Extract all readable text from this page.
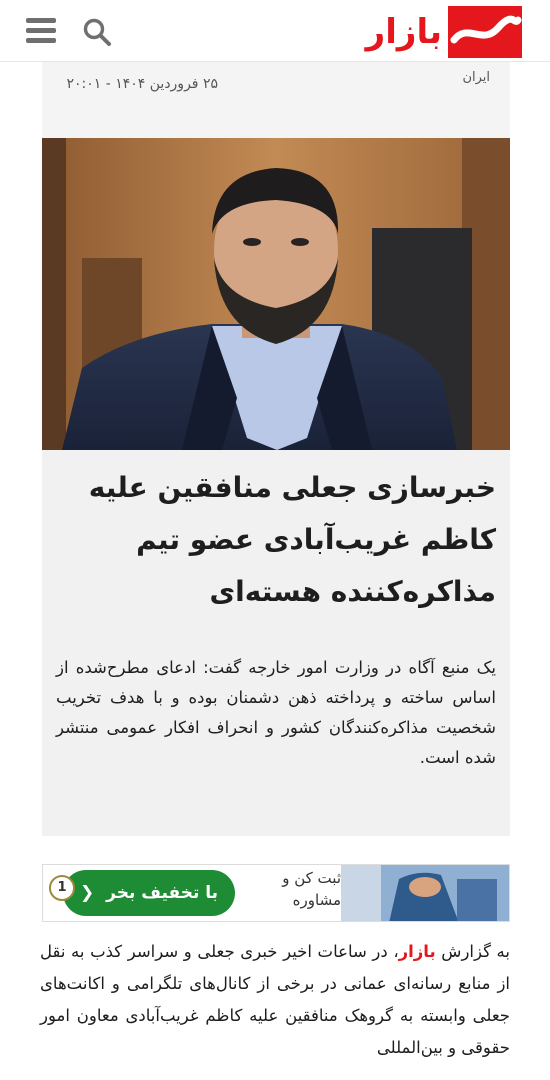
بازار
ایران
۲۵ فروردین ۱۴۰۴ - ۲۰:۰۱
خبرسازی جعلی منافقین علیه کاظم غریب‌آبادی عضو تیم مذاکره‌کننده هسته‌ای

یک منبع آگاه در وزارت امور خارجه گفت: ادعای مطرح‌شده از اساس ساخته و پرداخته ذهن دشمنان بوده و با هدف تخریب شخصیت مذاکره‌کنندگان کشور و انحراف افکار عمومی منتشر شده است.

ثبت کن و مشاوره
با تخفیف بخر ❮
1

به گزارش بازار، در ساعات اخیر خبری جعلی و سراسر کذب به نقل از منابع رسانه‌ای عمانی در برخی از کانال‌های تلگرامی و اکانت‌های جعلی وابسته به گروهک منافقین علیه کاظم غریب‌آبادی معاون امور حقوقی و بین‌المللی
